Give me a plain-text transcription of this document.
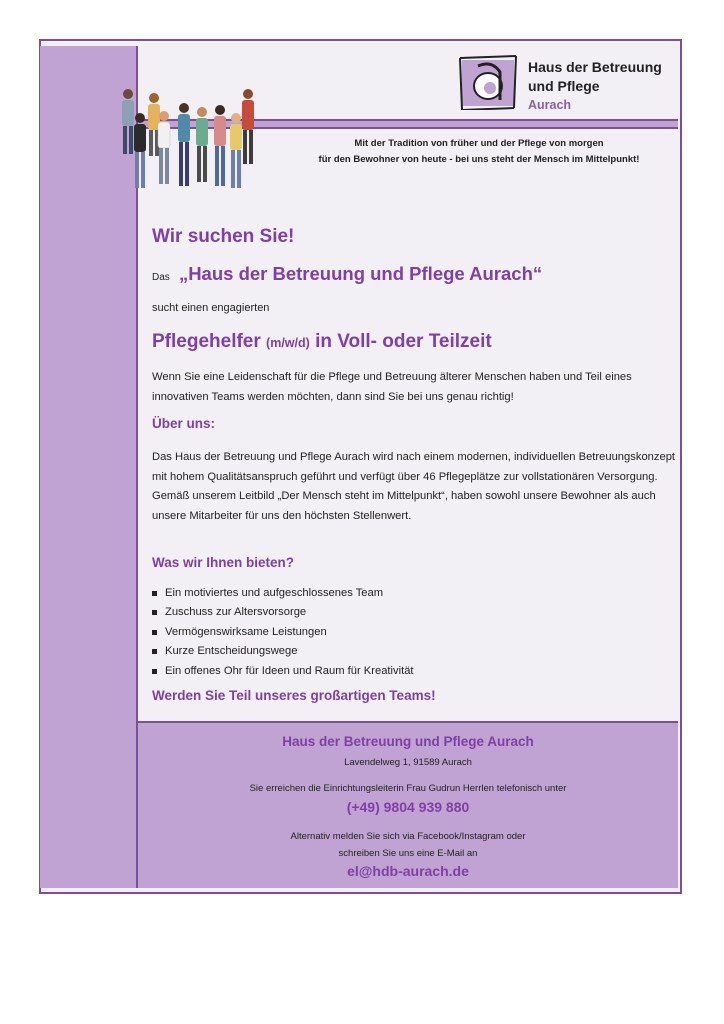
Haus der Betreuung
und Pflege
Aurach
Mit der Tradition von früher und der Pflege von morgen
für den Bewohner von heute - bei uns steht der Mensch im Mittelpunkt!
Wir suchen Sie!
Das „Haus der Betreuung und Pflege Aurach“
sucht einen engagierten
Pflegehelfer (m/w/d) in Voll- oder Teilzeit
Wenn Sie eine Leidenschaft für die Pflege und Betreuung älterer Menschen haben und Teil eines innovativen Teams werden möchten, dann sind Sie bei uns genau richtig!
Über uns:
Das Haus der Betreuung und Pflege Aurach wird nach einem modernen, individuellen Betreuungskonzept mit hohem Qualitätsanspruch geführt und verfügt über 46 Pflegeplätze zur vollstationären Versorgung. Gemäß unserem Leitbild „Der Mensch steht im Mittelpunkt“, haben sowohl unsere Bewohner als auch unsere Mitarbeiter für uns den höchsten Stellenwert.
Was wir Ihnen bieten?
Ein motiviertes und aufgeschlossenes Team
Zuschuss zur Altersvorsorge
Vermögenswirksame Leistungen
Kurze Entscheidungswege
Ein offenes Ohr für Ideen und Raum für Kreativität
Werden Sie Teil unseres großartigen Teams!
Haus der Betreuung und Pflege Aurach
Lavendelweg 1, 91589 Aurach
Sie erreichen die Einrichtungsleiterin Frau Gudrun Herrlen telefonisch unter
(+49) 9804 939 880
Alternativ melden Sie sich via Facebook/Instagram oder
schreiben Sie uns eine E-Mail an
el@hdb-aurach.de
